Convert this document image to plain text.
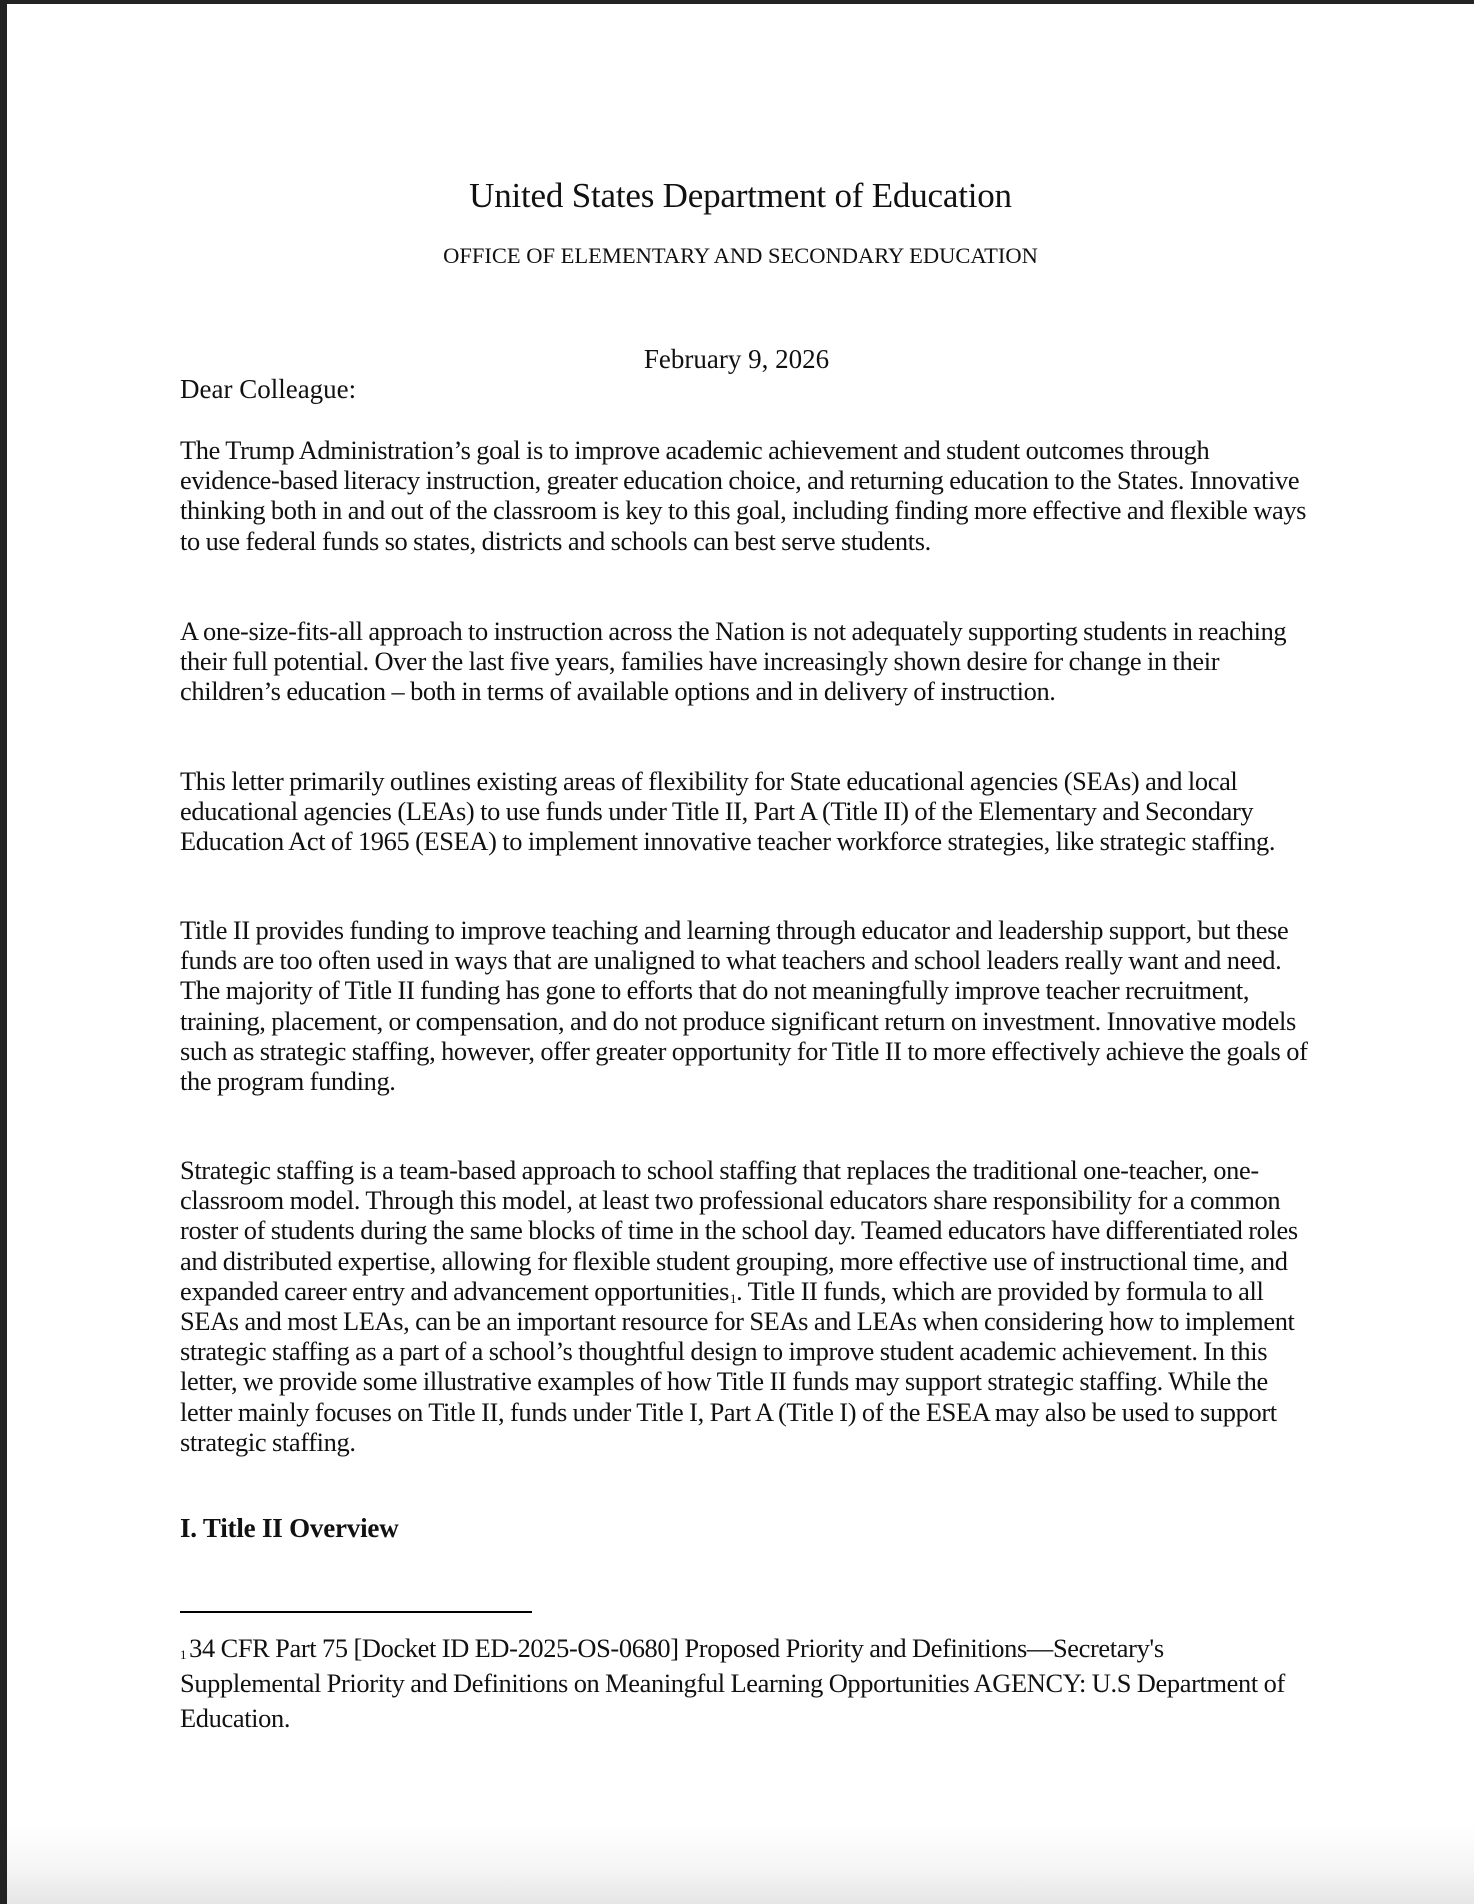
United States Department of Education
OFFICE OF ELEMENTARY AND SECONDARY EDUCATION
February 9, 2026
Dear Colleague:

The Trump Administration’s goal is to improve academic achievement and student outcomes through evidence-based literacy instruction, greater education choice, and returning education to the States. Innovative thinking both in and out of the classroom is key to this goal, including finding more effective and flexible ways to use federal funds so states, districts and schools can best serve students.

A one-size-fits-all approach to instruction across the Nation is not adequately supporting students in reaching their full potential. Over the last five years, families have increasingly shown desire for change in their children’s education – both in terms of available options and in delivery of instruction.

This letter primarily outlines existing areas of flexibility for State educational agencies (SEAs) and local educational agencies (LEAs) to use funds under Title II, Part A (Title II) of the Elementary and Secondary Education Act of 1965 (ESEA) to implement innovative teacher workforce strategies, like strategic staffing.

Title II provides funding to improve teaching and learning through educator and leadership support, but these funds are too often used in ways that are unaligned to what teachers and school leaders really want and need. The majority of Title II funding has gone to efforts that do not meaningfully improve teacher recruitment, training, placement, or compensation, and do not produce significant return on investment. Innovative models such as strategic staffing, however, offer greater opportunity for Title II to more effectively achieve the goals of the program funding.

Strategic staffing is a team-based approach to school staffing that replaces the traditional one-teacher, one-classroom model. Through this model, at least two professional educators share responsibility for a common roster of students during the same blocks of time in the school day. Teamed educators have differentiated roles and distributed expertise, allowing for flexible student grouping, more effective use of instructional time, and expanded career entry and advancement opportunities$^1$. Title II funds, which are provided by formula to all SEAs and most LEAs, can be an important resource for SEAs and LEAs when considering how to implement strategic staffing as a part of a school’s thoughtful design to improve student academic achievement. In this letter, we provide some illustrative examples of how Title II funds may support strategic staffing. While the letter mainly focuses on Title II, funds under Title I, Part A (Title I) of the ESEA may also be used to support strategic staffing.

I. Title II Overview

$^1$ 34 CFR Part 75 [Docket ID ED-2025-OS-0680] Proposed Priority and Definitions—Secretary's Supplemental Priority and Definitions on Meaningful Learning Opportunities AGENCY: U.S Department of Education.
